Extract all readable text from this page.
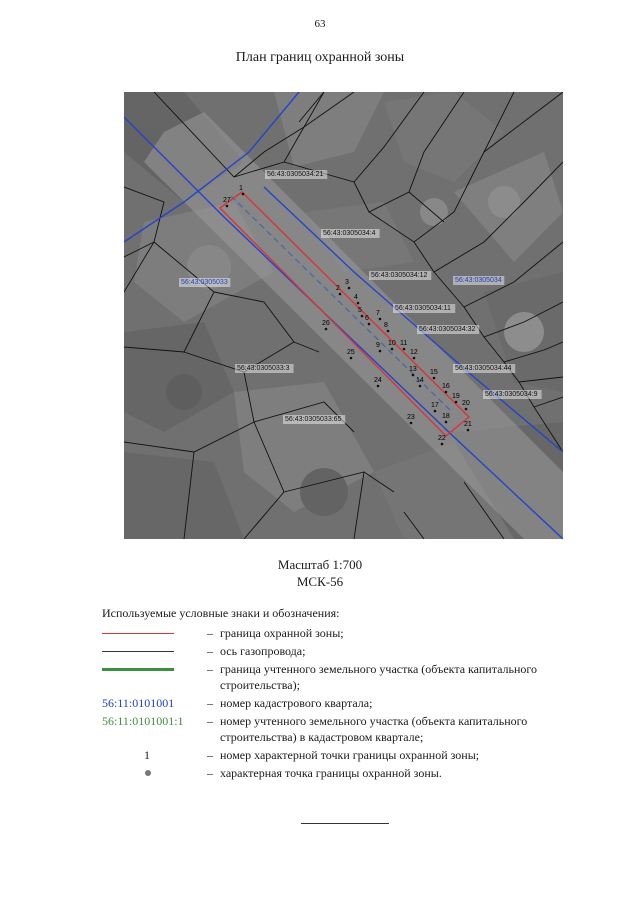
63
План границ охранной зоны
56:43:0305033	56:43:0305034
56:43:0305034:21
56:43:0305034:4
56:43:0305034:12
56:43:0305034:11
56:43:0305034:32
56:43:0305034:44
56:43:0305034:9
56:43:0305033:3
56:43:0305033:65
1
27
2
3
4
5
6
7
8
9 10 11
12
13
14
15
16
17
18
19
20
21
22
23
24
25
26
Масштаб 1:700
МСК-56
Используемые условные знаки и обозначения:
– граница охранной зоны;
– ось газопровода;
– граница учтенного земельного участка (объекта капитального строительства);
56:11:0101001	– номер кадастрового квартала;
56:11:0101001:1	– номер учтенного земельного участка (объекта капитального строительства) в кадастровом квартале;
1	– номер характерной точки границы охранной зоны;
– характерная точка границы охранной зоны.
